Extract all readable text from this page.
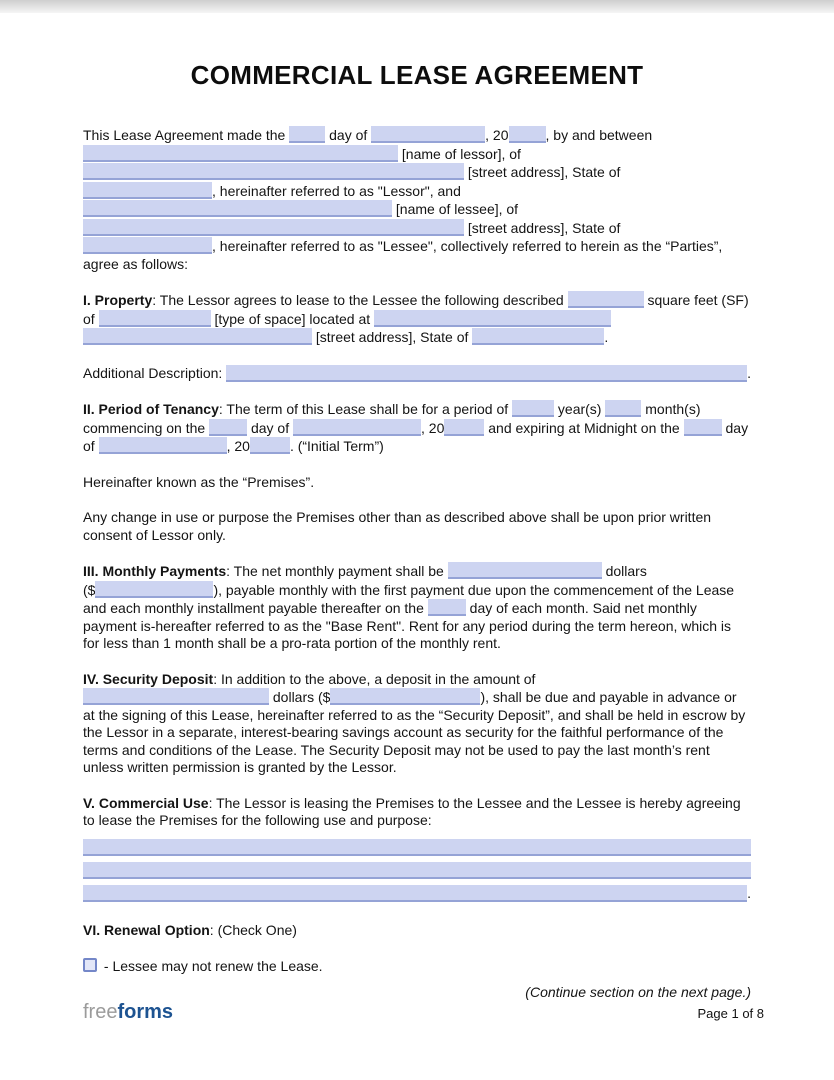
COMMERCIAL LEASE AGREEMENT

This Lease Agreement made the	day of	, 20	, by and between  [name of lessor], of  [street address], State of , hereinafter referred to as "Lessor", and  [name of lessee], of  [street address], State of , hereinafter referred to as "Lessee", collectively referred to herein as the “Parties”, agree as follows:

I. Property: The Lessor agrees to lease to the Lessee the following described	square feet (SF) of	[type of space] located at   [street address], State of	.

Additional Description:	.

II. Period of Tenancy: The term of this Lease shall be for a period of	year(s)	month(s) commencing on the	day of	, 20	and expiring at Midnight on the	day of	, 20	. (“Initial Term”)

Hereinafter known as the “Premises”.

Any change in use or purpose the Premises other than as described above shall be upon prior written consent of Lessor only.

III. Monthly Payments: The net monthly payment shall be	dollars
($	), payable monthly with the first payment due upon the commencement of the Lease and each monthly installment payable thereafter on the	day of each month. Said net monthly payment is-hereafter referred to as the "Base Rent". Rent for any period during the term hereon, which is for less than 1 month shall be a pro-rata portion of the monthly rent.

IV. Security Deposit: In addition to the above, a deposit in the amount of
dollars ($	), shall be due and payable in advance or at the signing of this Lease, hereinafter referred to as the “Security Deposit”, and shall be held in escrow by the Lessor in a separate, interest-bearing savings account as security for the faithful performance of the terms and conditions of the Lease. The Security Deposit may not be used to pay the last month’s rent unless written permission is granted by the Lessor.

V. Commercial Use: The Lessor is leasing the Premises to the Lessee and the Lessee is hereby agreeing to lease the Premises for the following use and purpose:

.

VI. Renewal Option: (Check One)

- Lessee may not renew the Lease.

(Continue section on the next page.)

freeforms	Page 1 of 8
